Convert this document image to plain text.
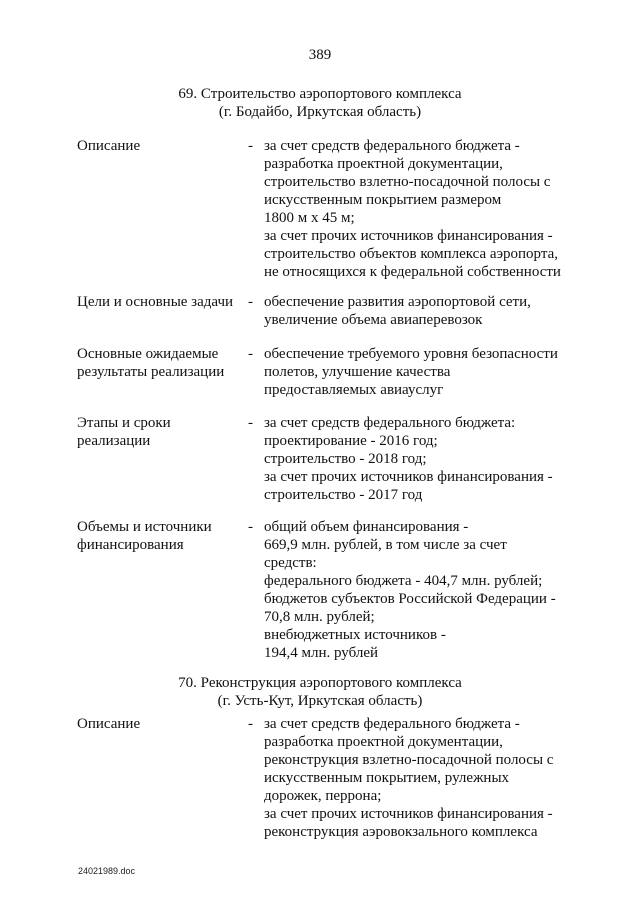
389
69. Строительство аэропортового комплекса
(г. Бодайбо, Иркутская область)
Описание	- за счет средств федерального бюджета -
разработка проектной документации,
строительство взлетно-посадочной полосы с
искусственным покрытием размером
1800 м х 45 м;
за счет прочих источников финансирования -
строительство объектов комплекса аэропорта,
не относящихся к федеральной собственности
Цели и основные задачи - обеспечение развития аэропортовой сети,
увеличение объема авиаперевозок
Основные ожидаемые
результаты реализации
- обеспечение требуемого уровня безопасности
полетов, улучшение качества
предоставляемых авиауслуг
Этапы и сроки
реализации
- за счет средств федерального бюджета:
проектирование - 2016 год;
строительство - 2018 год;
за счет прочих источников финансирования -
строительство - 2017 год
Объемы и источники
финансирования
- общий объем финансирования -
669,9 млн. рублей, в том числе за счет
средств:
федерального бюджета - 404,7 млн. рублей;
бюджетов субъектов Российской Федерации -
70,8 млн. рублей;
внебюджетных источников -
194,4 млн. рублей
70. Реконструкция аэропортового комплекса
(г. Усть-Кут, Иркутская область)
Описание	- за счет средств федерального бюджета -
разработка проектной документации,
реконструкция взлетно-посадочной полосы с
искусственным покрытием, рулежных
дорожек, перрона;
за счет прочих источников финансирования -
реконструкция аэровокзального комплекса
24021989.doc
